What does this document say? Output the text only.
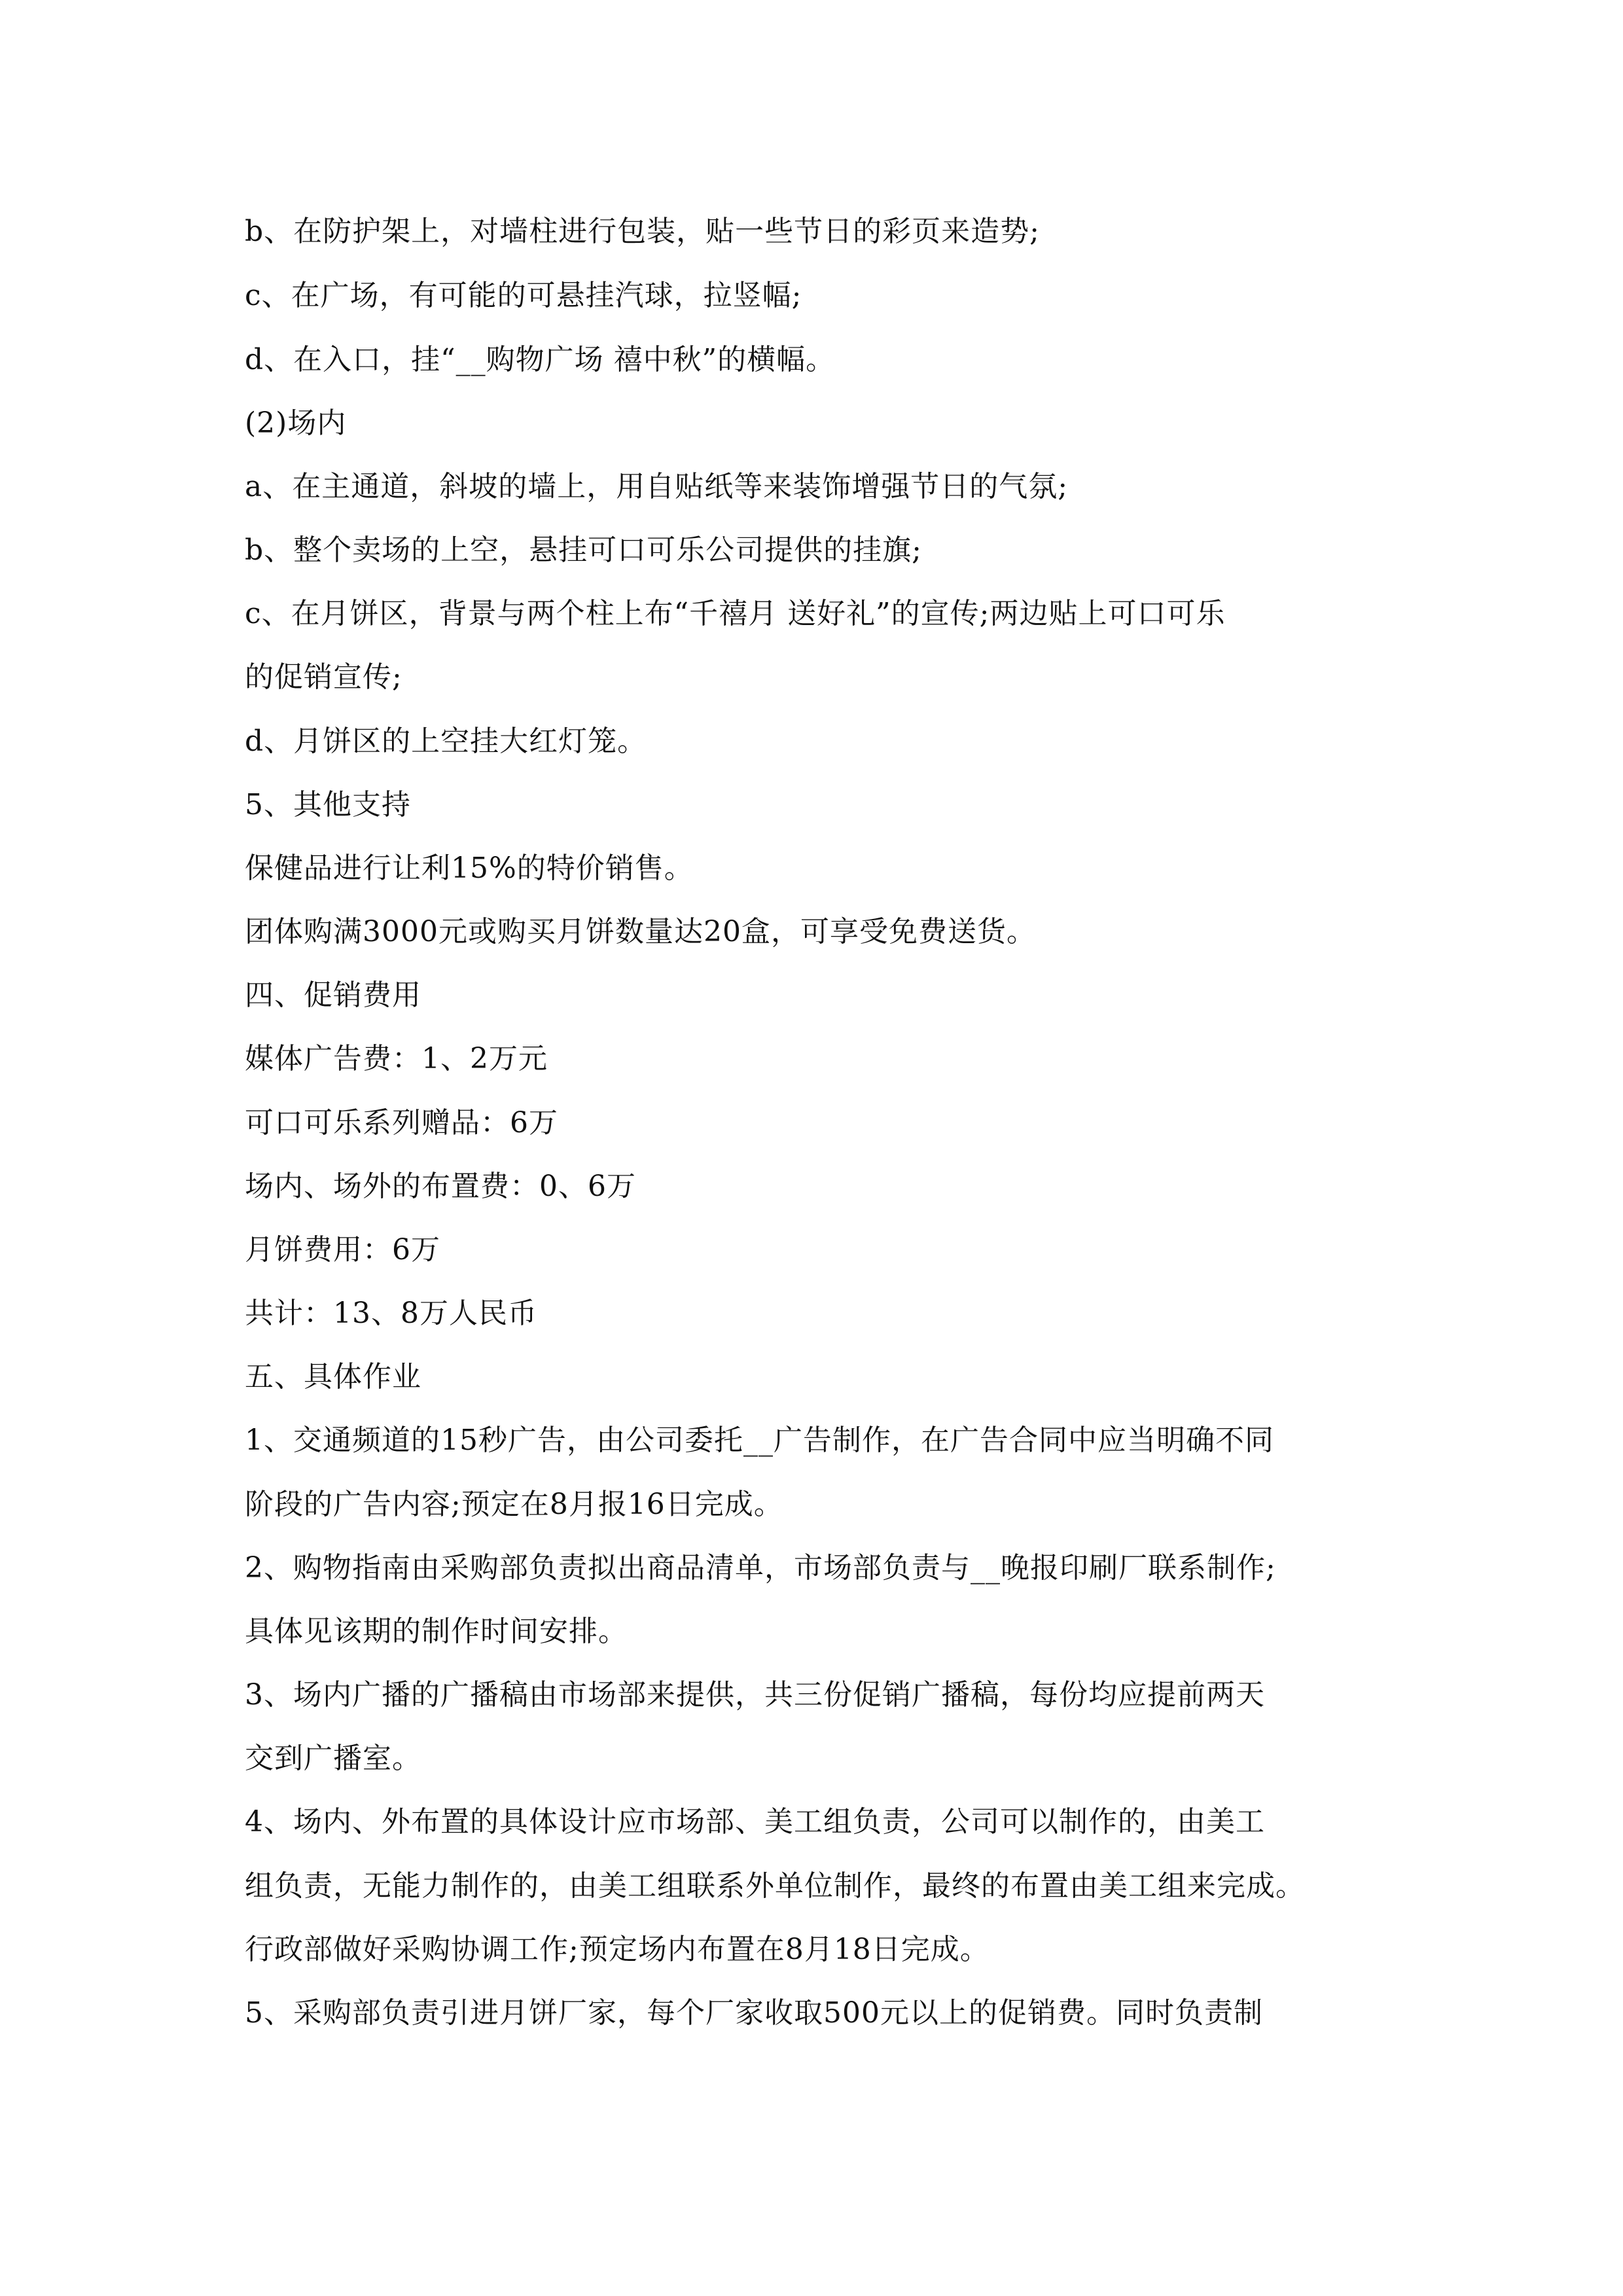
b、在防护架上，对墙柱进行包装，贴一些节日的彩页来造势;
c、在广场，有可能的可悬挂汽球，拉竖幅;
d、在入口，挂“__购物广场 禧中秋”的横幅。
(2)场内
a、在主通道，斜坡的墙上，用自贴纸等来装饰增强节日的气氛;
b、整个卖场的上空，悬挂可口可乐公司提供的挂旗;
c、在月饼区，背景与两个柱上布“千禧月 送好礼”的宣传;两边贴上可口可乐
的促销宣传;
d、月饼区的上空挂大红灯笼。
5、其他支持
保健品进行让利15%的特价销售。
团体购满3000元或购买月饼数量达20盒，可享受免费送货。
四、促销费用
媒体广告费：1、2万元
可口可乐系列赠品：6万
场内、场外的布置费：0、6万
月饼费用：6万
共计：13、8万人民币
五、具体作业
1、交通频道的15秒广告，由公司委托__广告制作，在广告合同中应当明确不同
阶段的广告内容;预定在8月报16日完成。
2、购物指南由采购部负责拟出商品清单，市场部负责与__晚报印刷厂联系制作;
具体见该期的制作时间安排。
3、场内广播的广播稿由市场部来提供，共三份促销广播稿，每份均应提前两天
交到广播室。
4、场内、外布置的具体设计应市场部、美工组负责，公司可以制作的，由美工
组负责，无能力制作的，由美工组联系外单位制作，最终的布置由美工组来完成。
行政部做好采购协调工作;预定场内布置在8月18日完成。
5、采购部负责引进月饼厂家，每个厂家收取500元以上的促销费。同时负责制
